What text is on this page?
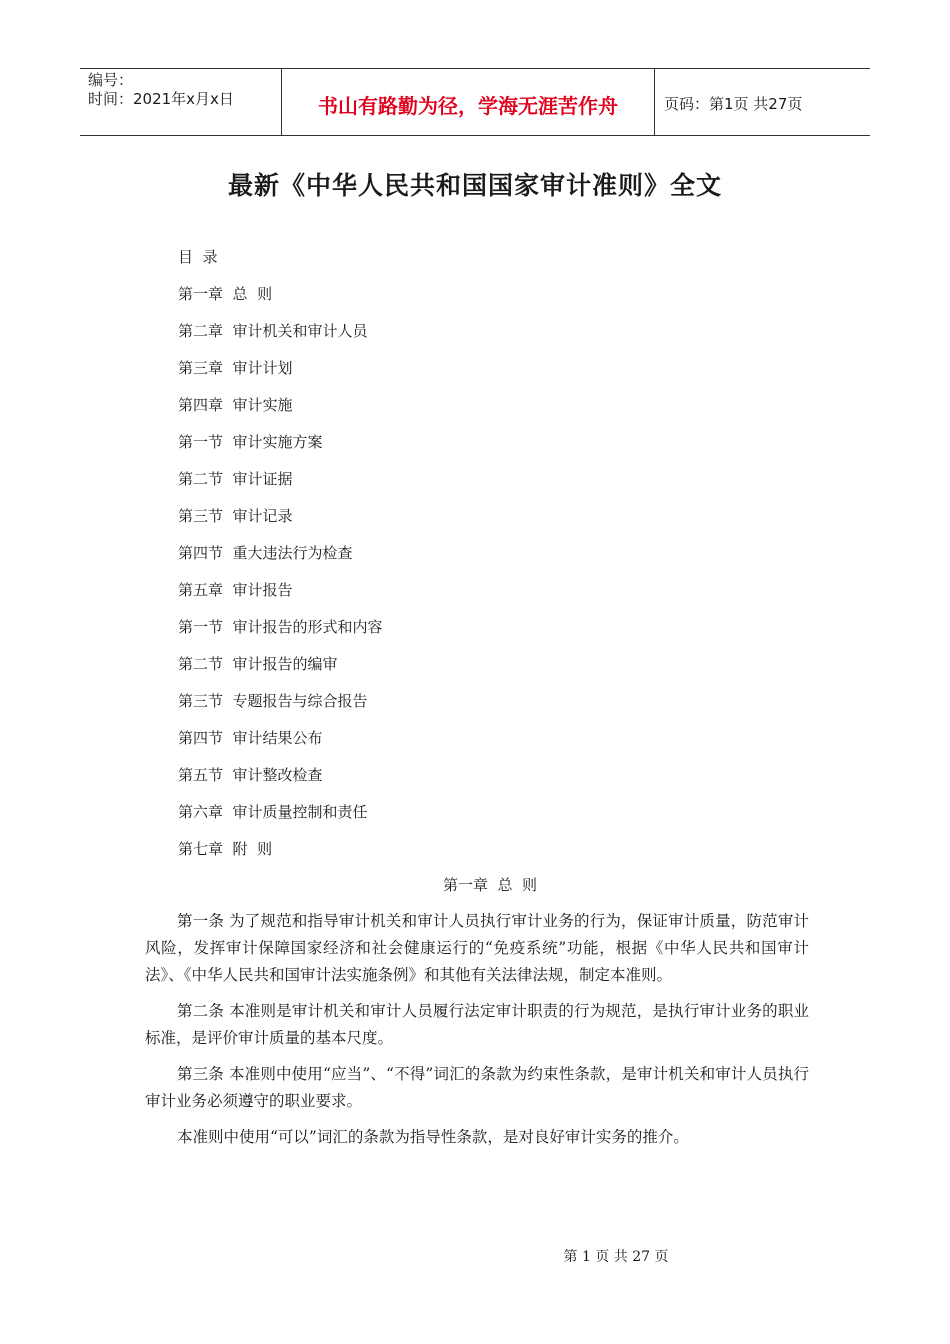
编号：
时间：2021年x月x日	书山有路勤为径，学海无涯苦作舟	页码：第1页 共27页
最新《中华人民共和国国家审计准则》全文
目  录
第一章  总  则
第二章  审计机关和审计人员
第三章  审计计划
第四章  审计实施
第一节  审计实施方案
第二节  审计证据
第三节  审计记录
第四节  重大违法行为检查
第五章  审计报告
第一节  审计报告的形式和内容
第二节  审计报告的编审
第三节  专题报告与综合报告
第四节  审计结果公布
第五节  审计整改检查
第六章  审计质量控制和责任
第七章  附  则
第一章  总  则

第一条 为了规范和指导审计机关和审计人员执行审计业务的行为，保证审计质量，防范审计风险，发挥审计保障国家经济和社会健康运行的“免疫系统”功能，根据《中华人民共和国审计法》、《中华人民共和国审计法实施条例》和其他有关法律法规，制定本准则。

第二条 本准则是审计机关和审计人员履行法定审计职责的行为规范，是执行审计业务的职业标准，是评价审计质量的基本尺度。

第三条 本准则中使用“应当”、“不得”词汇的条款为约束性条款，是审计机关和审计人员执行审计业务必须遵守的职业要求。

本准则中使用“可以”词汇的条款为指导性条款，是对良好审计实务的推介。

第 1 页 共 27 页
